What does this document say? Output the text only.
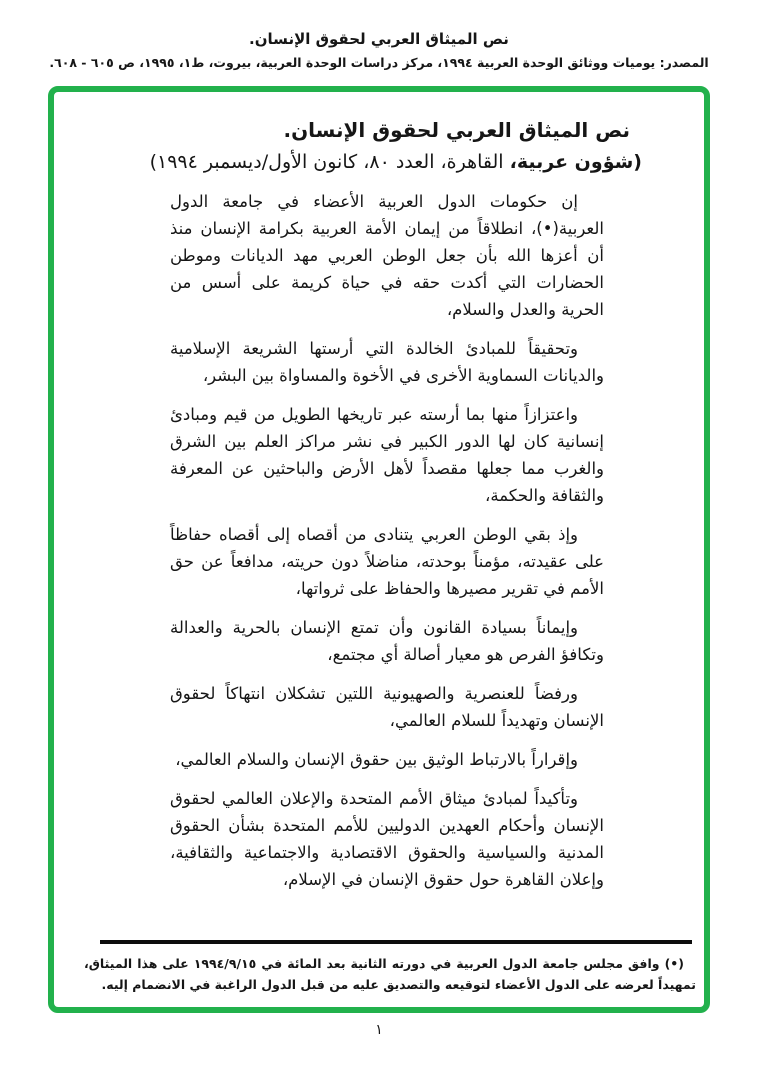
نص الميثاق العربي لحقوق الإنسان.
المصدر: يوميات ووثائق الوحدة العربية ١٩٩٤، مركز دراسات الوحدة العربية، بيروت، ط١، ١٩٩٥، ص ٦٠٥ - ٦٠٨.
نص الميثاق العربي لحقوق الإنسان.
(شؤون عربية، القاهرة، العدد ٨٠، كانون الأول/ديسمبر ١٩٩٤)

إن حكومات الدول العربية الأعضاء في جامعة الدول العربية(•)، انطلاقاً من إيمان الأمة العربية بكرامة الإنسان منذ أن أعزها الله بأن جعل الوطن العربي مهد الديانات وموطن الحضارات التي أكدت حقه في حياة كريمة على أسس من الحرية والعدل والسلام،

وتحقيقاً للمبادئ الخالدة التي أرستها الشريعة الإسلامية والديانات السماوية الأخرى في الأخوة والمساواة بين البشر،

واعتزازاً منها بما أرسته عبر تاريخها الطويل من قيم ومبادئ إنسانية كان لها الدور الكبير في نشر مراكز العلم بين الشرق والغرب مما جعلها مقصداً لأهل الأرض والباحثين عن المعرفة والثقافة والحكمة،

وإذ بقي الوطن العربي يتنادى من أقصاه إلى أقصاه حفاظاً على عقيدته، مؤمناً بوحدته، مناضلاً دون حريته، مدافعاً عن حق الأمم في تقرير مصيرها والحفاظ على ثرواتها،

وإيماناً بسيادة القانون وأن تمتع الإنسان بالحرية والعدالة وتكافؤ الفرص هو معيار أصالة أي مجتمع،

ورفضاً للعنصرية والصهيونية اللتين تشكلان انتهاكاً لحقوق الإنسان وتهديداً للسلام العالمي،

وإقراراً بالارتباط الوثيق بين حقوق الإنسان والسلام العالمي،

وتأكيداً لمبادئ ميثاق الأمم المتحدة والإعلان العالمي لحقوق الإنسان وأحكام العهدين الدوليين للأمم المتحدة بشأن الحقوق المدنية والسياسية والحقوق الاقتصادية والاجتماعية والثقافية، وإعلان القاهرة حول حقوق الإنسان في الإسلام،

(•) وافق مجلس جامعة الدول العربية في دورته الثانية بعد المائة في ١٩٩٤/٩/١٥ على هذا الميثاق، تمهيداً لعرضه على الدول الأعضاء لتوقيعه والتصديق عليه من قبل الدول الراغبة في الانضمام إليه.
١
